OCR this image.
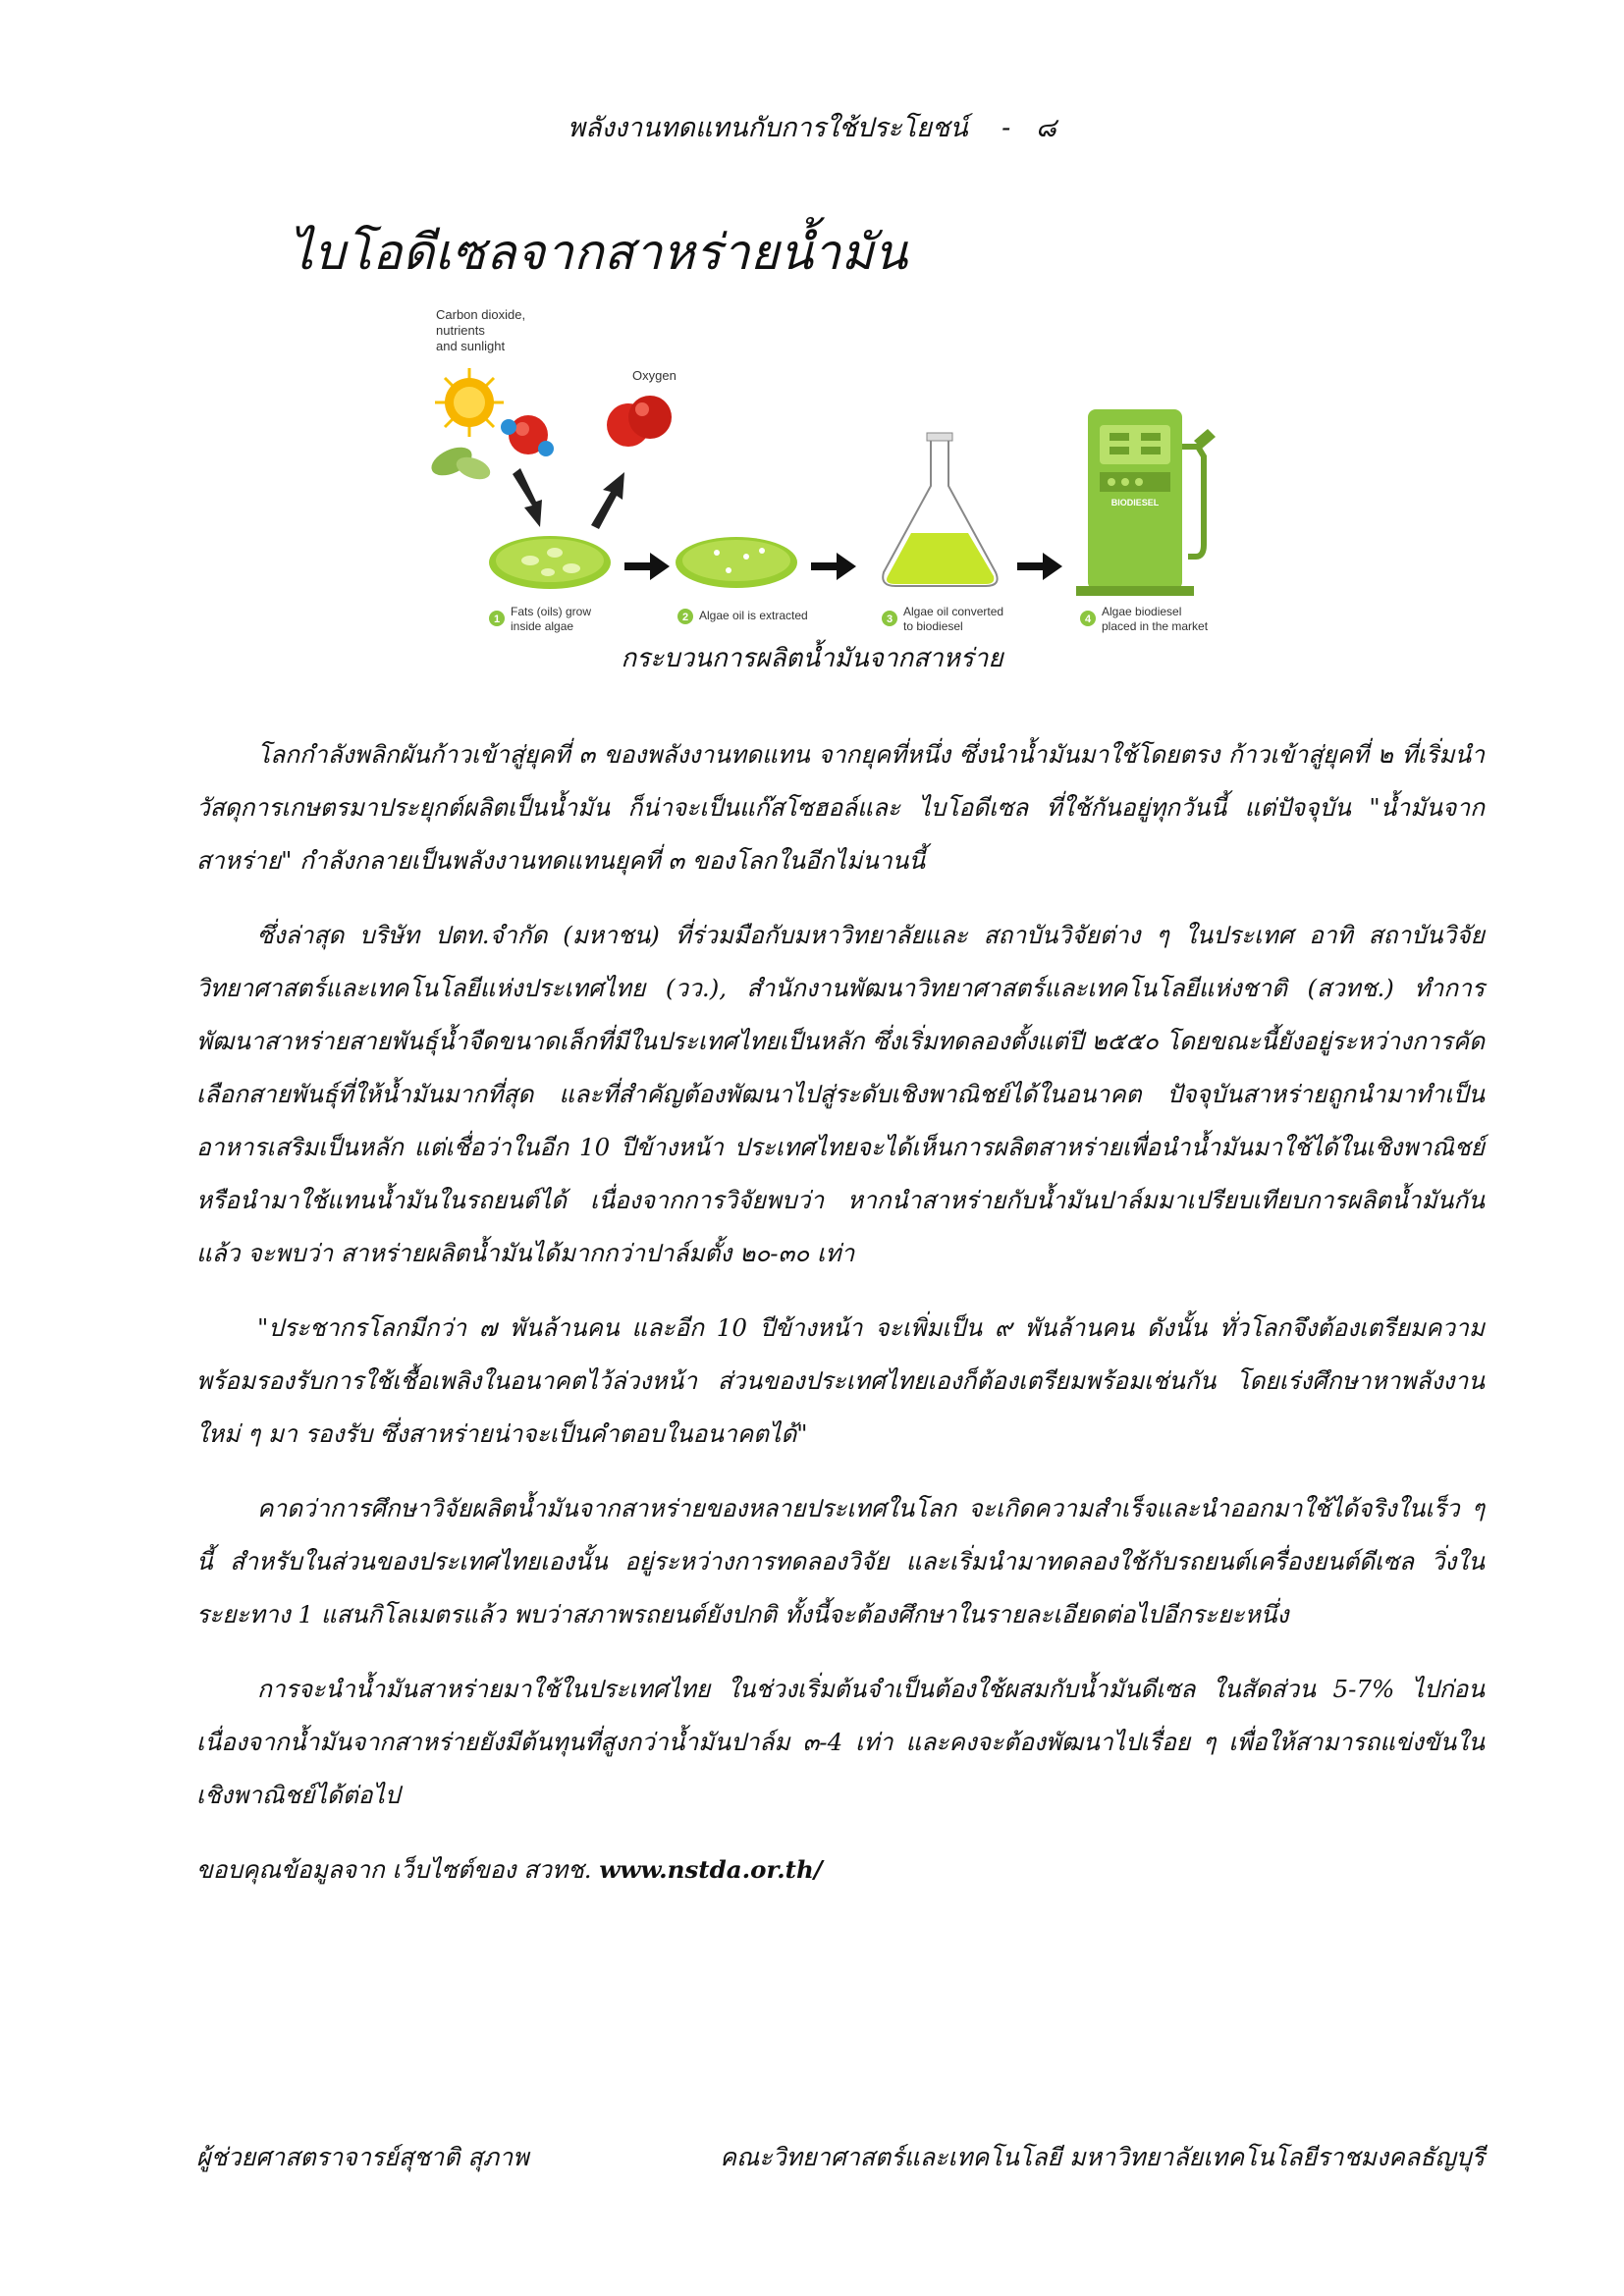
พลังงานทดแทนกับการใช้ประโยชน์ - ๘
ไบโอดีเซลจากสาหร่ายน้ำมัน
Carbon dioxide,
nutrients
and sunlight
Oxygen
BIODIESEL
1
Fats (oils) grow
inside algae
2 Algae oil is extracted	3
Algae oil converted
to biodiesel	4
Algae biodiesel
placed in the market
กระบวนการผลิตน้ำมันจากสาหร่าย

โลกกำลังพลิกผันก้าวเข้าสู่ยุคที่ ๓ ของพลังงานทดแทน จากยุคที่หนึ่ง ซึ่งนำน้ำมันมาใช้โดยตรง ก้าวเข้าสู่ยุคที่ ๒ ที่เริ่มนำวัสดุการเกษตรมาประยุกต์ผลิตเป็นน้ำมัน ก็น่าจะเป็นแก๊สโซฮอล์และ ไบโอดีเซล ที่ใช้กันอยู่ทุกวันนี้ แต่ปัจจุบัน "น้ำมันจากสาหร่าย" กำลังกลายเป็นพลังงานทดแทนยุคที่ ๓ ของโลกในอีกไม่นานนี้

ซึ่งล่าสุด บริษัท ปตท.จำกัด (มหาชน) ที่ร่วมมือกับมหาวิทยาลัยและ สถาบันวิจัยต่าง ๆ ในประเทศ อาทิ สถาบันวิจัยวิทยาศาสตร์และเทคโนโลยีแห่งประเทศไทย (วว.), สำนักงานพัฒนาวิทยาศาสตร์และเทคโนโลยีแห่งชาติ (สวทช.) ทำการพัฒนาสาหร่ายสายพันธุ์น้ำจืดขนาดเล็กที่มีในประเทศไทยเป็นหลัก ซึ่งเริ่มทดลองตั้งแต่ปี ๒๕๕๐ โดยขณะนี้ยังอยู่ระหว่างการคัดเลือกสายพันธุ์ที่ให้น้ำมันมากที่สุด และที่สำคัญต้องพัฒนาไปสู่ระดับเชิงพาณิชย์ได้ในอนาคต ปัจจุบันสาหร่ายถูกนำมาทำเป็นอาหารเสริมเป็นหลัก แต่เชื่อว่าในอีก 10 ปีข้างหน้า ประเทศไทยจะได้เห็นการผลิตสาหร่ายเพื่อนำน้ำมันมาใช้ได้ในเชิงพาณิชย์ หรือนำมาใช้แทนน้ำมันในรถยนต์ได้ เนื่องจากการวิจัยพบว่า หากนำสาหร่ายกับน้ำมันปาล์มมาเปรียบเทียบการผลิตน้ำมันกันแล้ว จะพบว่า สาหร่ายผลิตน้ำมันได้มากกว่าปาล์มตั้ง ๒๐-๓๐ เท่า

"ประชากรโลกมีกว่า ๗ พันล้านคน และอีก 10 ปีข้างหน้า จะเพิ่มเป็น ๙ พันล้านคน ดังนั้น ทั่วโลกจึงต้องเตรียมความพร้อมรองรับการใช้เชื้อเพลิงในอนาคตไว้ล่วงหน้า ส่วนของประเทศไทยเองก็ต้องเตรียมพร้อมเช่นกัน โดยเร่งศึกษาหาพลังงานใหม่ ๆ มา รองรับ ซึ่งสาหร่ายน่าจะเป็นคำตอบในอนาคตได้"

คาดว่าการศึกษาวิจัยผลิตน้ำมันจากสาหร่ายของหลายประเทศในโลก จะเกิดความสำเร็จและนำออกมาใช้ได้จริงในเร็ว ๆ นี้ สำหรับในส่วนของประเทศไทยเองนั้น อยู่ระหว่างการทดลองวิจัย และเริ่มนำมาทดลองใช้กับรถยนต์เครื่องยนต์ดีเซล วิ่งในระยะทาง 1 แสนกิโลเมตรแล้ว พบว่าสภาพรถยนต์ยังปกติ ทั้งนี้จะต้องศึกษาในรายละเอียดต่อไปอีกระยะหนึ่ง

การจะนำน้ำมันสาหร่ายมาใช้ในประเทศไทย ในช่วงเริ่มต้นจำเป็นต้องใช้ผสมกับน้ำมันดีเซล ในสัดส่วน 5-7% ไปก่อน เนื่องจากน้ำมันจากสาหร่ายยังมีต้นทุนที่สูงกว่าน้ำมันปาล์ม ๓-4 เท่า และคงจะต้องพัฒนาไปเรื่อย ๆ เพื่อให้สามารถแข่งขันในเชิงพาณิชย์ได้ต่อไป

ขอบคุณข้อมูลจาก เว็บไซต์ของ สวทช. www.nstda.or.th/

ผู้ช่วยศาสตราจารย์สุชาติ สุภาพ	คณะวิทยาศาสตร์และเทคโนโลยี มหาวิทยาลัยเทคโนโลยีราชมงคลธัญบุรี
